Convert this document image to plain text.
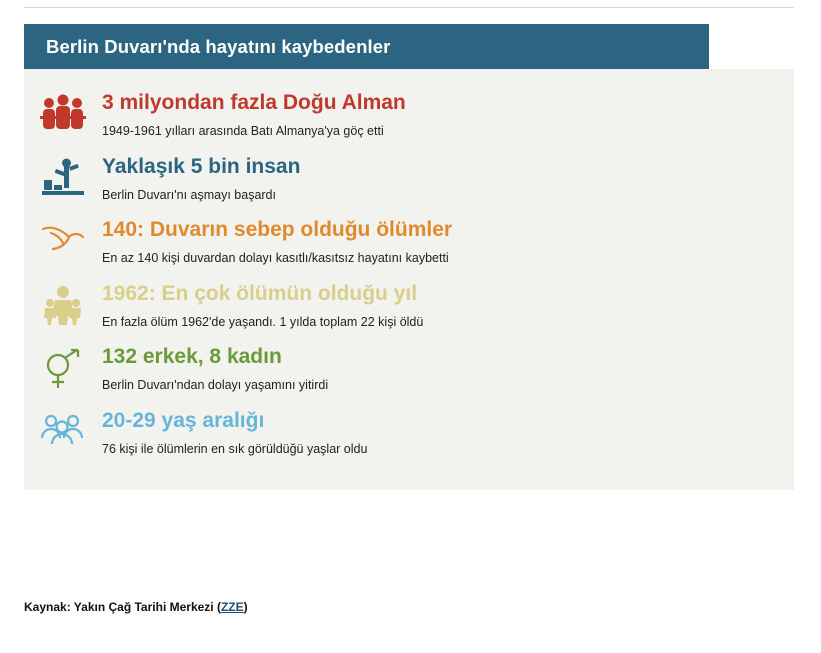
Berlin Duvarı'nda hayatını kaybedenler

3 milyondan fazla Doğu Alman

1949-1961 yılları arasında Batı Almanya'ya göç etti

Yaklaşık 5 bin insan

Berlin Duvarı'nı aşmayı başardı

140: Duvarın sebep olduğu ölümler

En az 140 kişi duvardan dolayı kasıtlı/kasıtsız hayatını kaybetti

1962: En çok ölümün olduğu yıl

En fazla ölüm 1962'de yaşandı. 1 yılda toplam 22 kişi öldü

132 erkek, 8 kadın

Berlin Duvarı'ndan dolayı yaşamını yitirdi

20-29 yaş aralığı

76 kişi ile ölümlerin en sık görüldüğü yaşlar oldu

Kaynak: Yakın Çağ Tarihi Merkezi (ZZE)
